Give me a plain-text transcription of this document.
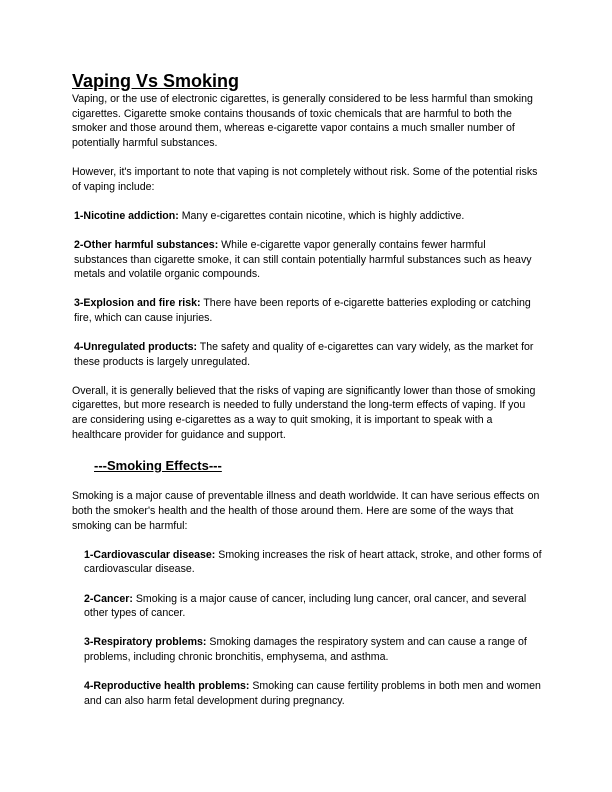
Vaping Vs Smoking

Vaping, or the use of electronic cigarettes, is generally considered to be less harmful than smoking cigarettes. Cigarette smoke contains thousands of toxic chemicals that are harmful to both the smoker and those around them, whereas e-cigarette vapor contains a much smaller number of potentially harmful substances.

However, it's important to note that vaping is not completely without risk. Some of the potential risks of vaping include:

1-Nicotine addiction: Many e-cigarettes contain nicotine, which is highly addictive.

2-Other harmful substances: While e-cigarette vapor generally contains fewer harmful substances than cigarette smoke, it can still contain potentially harmful substances such as heavy metals and volatile organic compounds.

3-Explosion and fire risk: There have been reports of e-cigarette batteries exploding or catching fire, which can cause injuries.

4-Unregulated products: The safety and quality of e-cigarettes can vary widely, as the market for these products is largely unregulated.

Overall, it is generally believed that the risks of vaping are significantly lower than those of smoking cigarettes, but more research is needed to fully understand the long-term effects of vaping. If you are considering using e-cigarettes as a way to quit smoking, it is important to speak with a healthcare provider for guidance and support.

---Smoking Effects---

Smoking is a major cause of preventable illness and death worldwide. It can have serious effects on both the smoker's health and the health of those around them. Here are some of the ways that smoking can be harmful:

1-Cardiovascular disease: Smoking increases the risk of heart attack, stroke, and other forms of cardiovascular disease.

2-Cancer: Smoking is a major cause of cancer, including lung cancer, oral cancer, and several other types of cancer.

3-Respiratory problems: Smoking damages the respiratory system and can cause a range of problems, including chronic bronchitis, emphysema, and asthma.

4-Reproductive health problems: Smoking can cause fertility problems in both men and women and can also harm fetal development during pregnancy.
